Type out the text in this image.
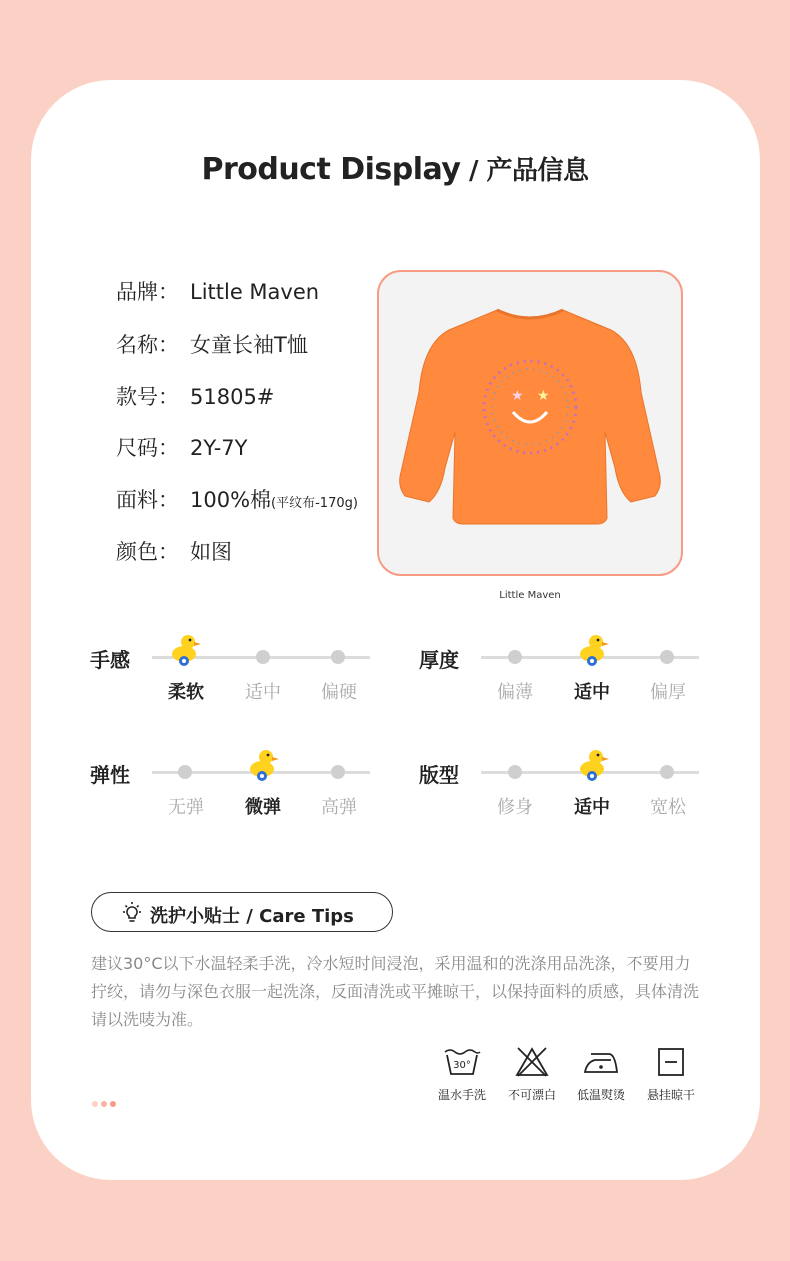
Product Display / 产品信息
品牌： Little Maven
名称： 女童长袖T恤
款号： 51805#
尺码： 2Y-7Y
面料： 100%棉(平纹布-170g)
颜色： 如图
★ ★
Little Maven
手感
柔软	适中	偏硬
厚度
偏薄	适中	偏厚
弹性
无弹	微弹	高弹
版型
修身	适中	宽松
洗护小贴士 / Care Tips
建议30°C以下水温轻柔手洗，冷水短时间浸泡，采用温和的洗涤用品洗涤，不要用力拧绞，请勿与深色衣服一起洗涤，反面清洗或平摊晾干，以保持面料的质感，具体清洗请以洗唛为准。
30°
温水手洗	不可漂白	低温熨烫	悬挂晾干
